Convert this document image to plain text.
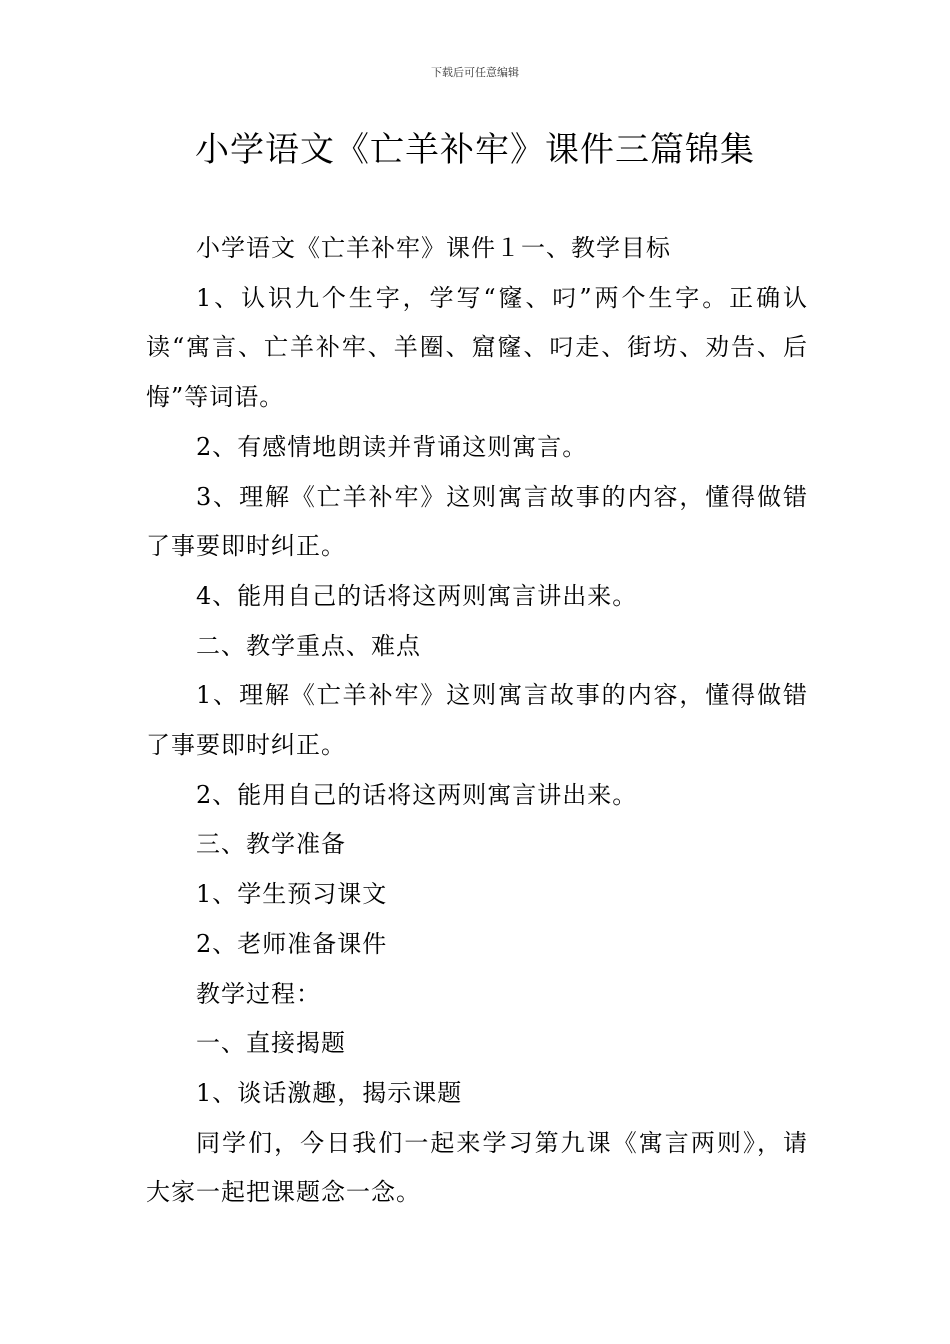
下载后可任意编辑
小学语文《亡羊补牢》课件三篇锦集

小学语文《亡羊补牢》课件１一、教学目标

1、认识九个生字，学写“窿、叼”两个生字。正确认读“寓言、亡羊补牢、羊圈、窟窿、叼走、街坊、劝告、后悔”等词语。

2、有感情地朗读并背诵这则寓言。

3、理解《亡羊补牢》这则寓言故事的内容，懂得做错了事要即时纠正。

4、能用自己的话将这两则寓言讲出来。

二、教学重点、难点

1、理解《亡羊补牢》这则寓言故事的内容，懂得做错了事要即时纠正。

2、能用自己的话将这两则寓言讲出来。

三、教学准备

1、学生预习课文

2、老师准备课件

教学过程：

一、直接揭题

1、谈话激趣，揭示课题

同学们，今日我们一起来学习第九课《寓言两则》，请大家一起把课题念一念。
